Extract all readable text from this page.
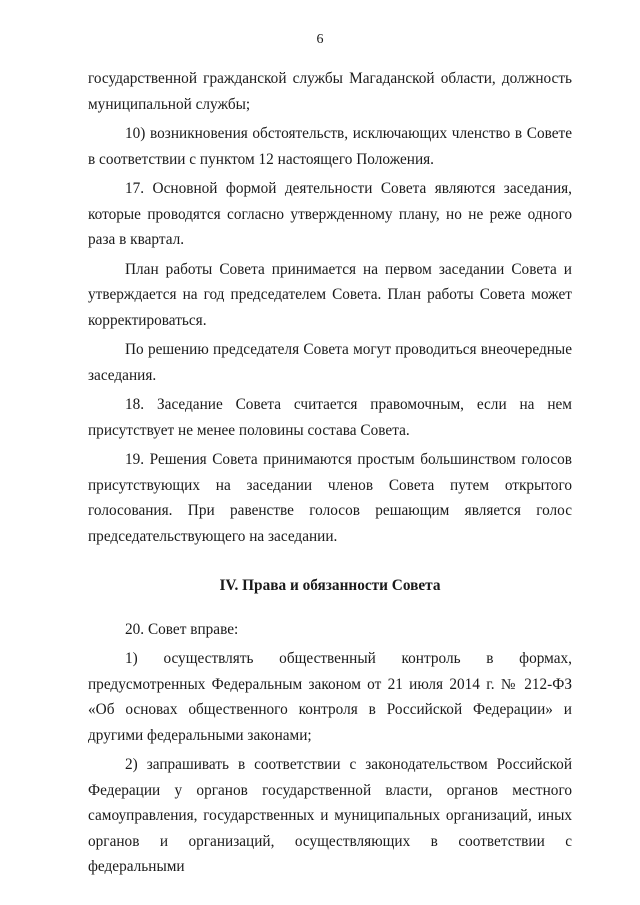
6

государственной гражданской службы Магаданской области, должность муниципальной службы;

10) возникновения обстоятельств, исключающих членство в Совете в соответствии с пунктом 12 настоящего Положения.

17. Основной формой деятельности Совета являются заседания, которые проводятся согласно утвержденному плану, но не реже одного раза в квартал.

План работы Совета принимается на первом заседании Совета и утверждается на год председателем Совета. План работы Совета может корректироваться.

По решению председателя Совета могут проводиться внеочередные заседания.

18. Заседание Совета считается правомочным, если на нем присутствует не менее половины состава Совета.

19. Решения Совета принимаются простым большинством голосов присутствующих на заседании членов Совета путем открытого голосования. При равенстве голосов решающим является голос председательствующего на заседании.

IV. Права и обязанности Совета

20. Совет вправе:

1) осуществлять общественный контроль в формах, предусмотренных Федеральным законом от 21 июля 2014 г. № 212-ФЗ «Об основах общественного контроля в Российской Федерации» и другими федеральными законами;

2) запрашивать в соответствии с законодательством Российской Федерации у органов государственной власти, органов местного самоуправления, государственных и муниципальных организаций, иных органов и организаций, осуществляющих в соответствии с федеральными
